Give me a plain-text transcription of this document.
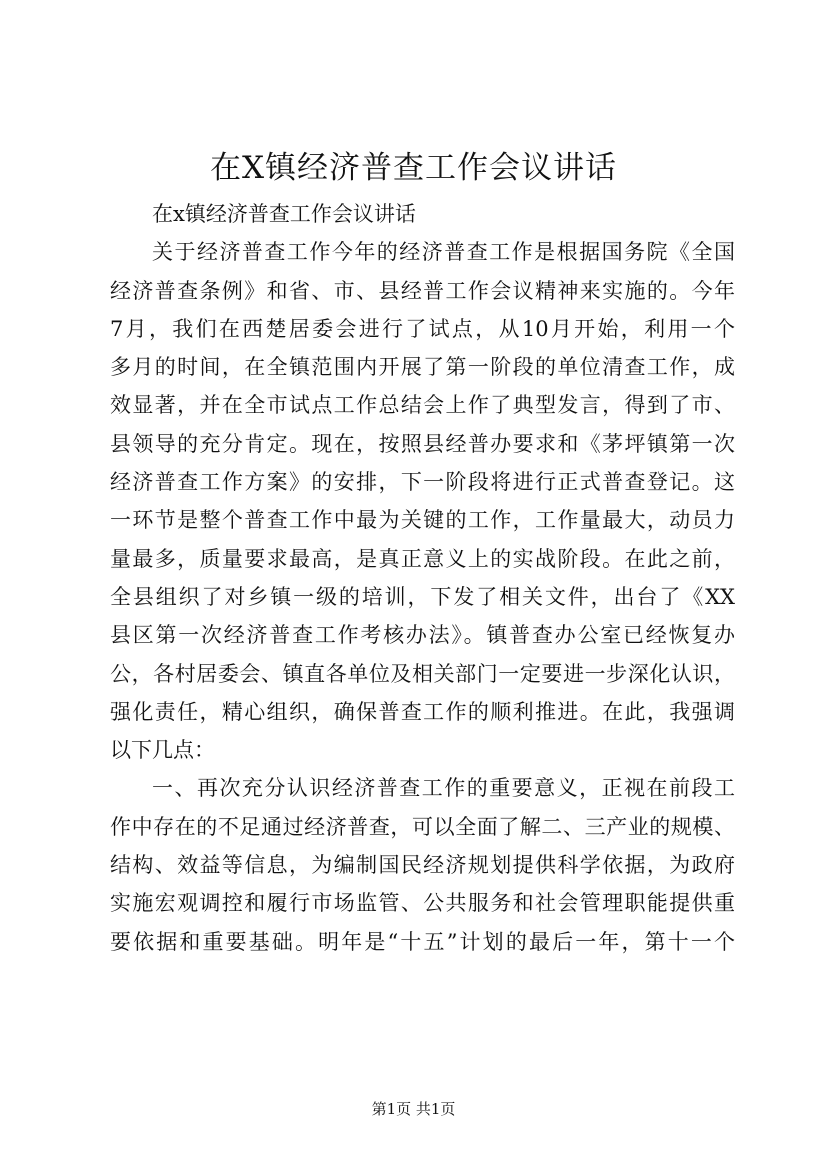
在X镇经济普查工作会议讲话
在x镇经济普查工作会议讲话
关于经济普查工作今年的经济普查工作是根据国务院《全国
经济普查条例》和省、市、县经普工作会议精神来实施的。今年
7月，我们在西楚居委会进行了试点，从10月开始，利用一个
多月的时间，在全镇范围内开展了第一阶段的单位清查工作，成
效显著，并在全市试点工作总结会上作了典型发言，得到了市、
县领导的充分肯定。现在，按照县经普办要求和《茅坪镇第一次
经济普查工作方案》的安排，下一阶段将进行正式普查登记。这
一环节是整个普查工作中最为关键的工作，工作量最大，动员力
量最多，质量要求最高，是真正意义上的实战阶段。在此之前，
全县组织了对乡镇一级的培训，下发了相关文件，出台了《XX
县区第一次经济普查工作考核办法》。镇普查办公室已经恢复办
公，各村居委会、镇直各单位及相关部门一定要进一步深化认识，
强化责任，精心组织，确保普查工作的顺利推进。在此，我强调
以下几点：
一、再次充分认识经济普查工作的重要意义，正视在前段工
作中存在的不足通过经济普查，可以全面了解二、三产业的规模、
结构、效益等信息，为编制国民经济规划提供科学依据，为政府
实施宏观调控和履行市场监管、公共服务和社会管理职能提供重
要依据和重要基础。明年是“十五”计划的最后一年，第十一个
第1页 共1页
